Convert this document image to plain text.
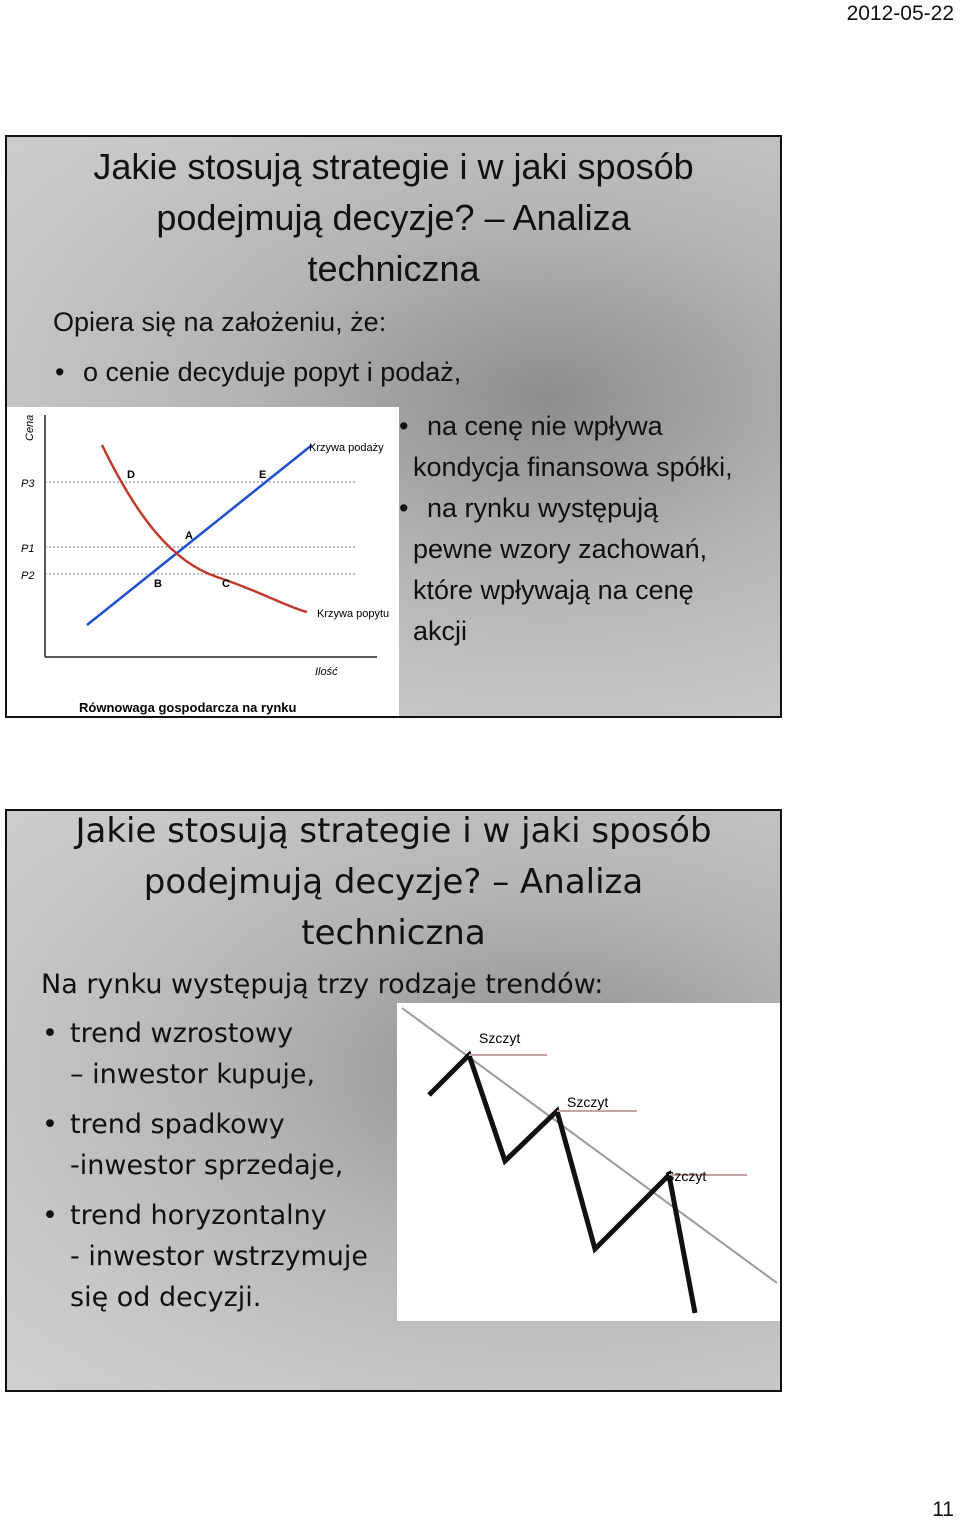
2012-05-22
Jakie stosują strategie i w jaki sposób
podejmują decyzje? – Analiza
techniczna
Opiera się na założeniu, że:
• o cenie decyduje popyt i podaż,
Cena
Ilość
P3
P1
P2
D	E
A
B	C
Krzywa podaży
Krzywa popytu
Równowaga gospodarcza na rynku
• na cenę nie wpływa
kondycja finansowa spółki,
• na rynku występują
pewne wzory zachowań,
które wpływają na cenę
akcji
Jakie stosują strategie i w jaki sposób
podejmują decyzje? – Analiza
techniczna
Na rynku występują trzy rodzaje trendów:
• trend wzrostowy
– inwestor kupuje,
• trend spadkowy
-inwestor sprzedaje,
• trend horyzontalny
- inwestor wstrzymuje
się od decyzji.
Szczyt
Szczyt
Szczyt
11
